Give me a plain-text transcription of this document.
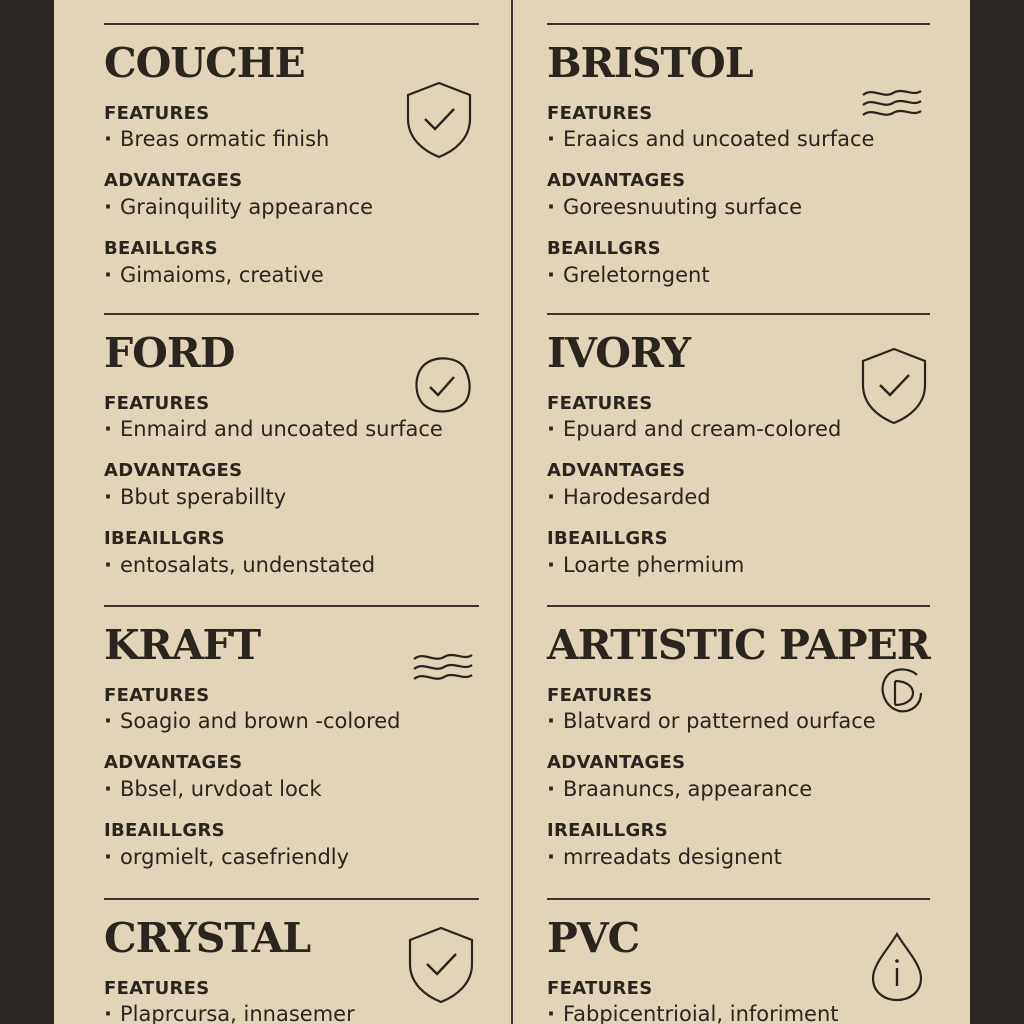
COUCHE
FEATURES
· Breas ormatic finish
ADVANTAGES
· Grainquility appearance
BEAILLGRS
· Gimaioms, creative
FORD
FEATURES
· Enmaird and uncoated surface
ADVANTAGES
· Bbut sperabillty
IBEAILLGRS
· entosalats, undenstated
KRAFT
FEATURES
· Soagio and brown -colored
ADVANTAGES
· Bbsel, urvdoat lock
IBEAILLGRS
· orgmielt, casefriendly
CRYSTAL
FEATURES
· Plaprcursa, innasemer
BRISTOL
FEATURES
· Eraaics and uncoated surface
ADVANTAGES
· Goreesnuuting surface
BEAILLGRS
· Greletorngent
IVORY
FEATURES
· Epuard and cream-colored
ADVANTAGES
· Harodesarded
IBEAILLGRS
· Loarte phermium
ARTISTIC PAPER
FEATURES
· Blatvard or patterned ourface
ADVANTAGES
· Braanuncs, appearance
IREAILLGRS
· mrreadats designent
PVC
FEATURES
· Fabpicentrioial, inforiment
